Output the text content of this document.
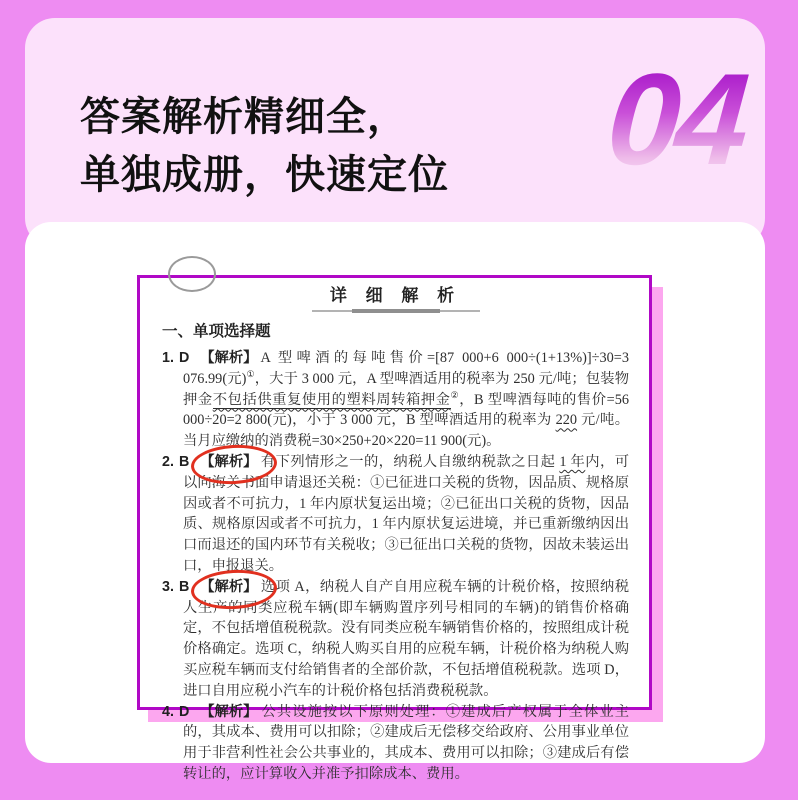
答案解析精细全，
单独成册，快速定位 04
详 细 解 析
一、单项选择题
1. D 【解析】 A 型啤酒的每吨售价=[87 000+6 000÷(1+13%)]÷30=3 076.99(元)①，大于 3 000 元，A 型啤酒适用的税率为 250 元/吨；包装物押金不包括供重复使用的塑料周转箱押金②，B 型啤酒每吨的售价=56 000÷20=2 800(元)，小于 3 000 元，B 型啤酒适用的税率为 220 元/吨。当月应缴纳的消费税=30×250+20×220=11 900(元)。
2. B 【解析】 有下列情形之一的，纳税人自缴纳税款之日起 1 年内，可以向海关书面申请退还关税：①已征进口关税的货物，因品质、规格原因或者不可抗力，1 年内原状复运出境；②已征出口关税的货物，因品质、规格原因或者不可抗力，1 年内原状复运进境，并已重新缴纳因出口而退还的国内环节有关税收；③已征出口关税的货物，因故未装运出口，申报退关。
3. B 【解析】 选项 A，纳税人自产自用应税车辆的计税价格，按照纳税人生产的同类应税车辆(即车辆购置序列号相同的车辆)的销售价格确定，不包括增值税税款。没有同类应税车辆销售价格的，按照组成计税价格确定。选项 C，纳税人购买自用的应税车辆，计税价格为纳税人购买应税车辆而支付给销售者的全部价款，不包括增值税税款。选项 D，进口自用应税小汽车的计税价格包括消费税税款。
4. D 【解析】 公共设施按以下原则处理：①建成后产权属于全体业主的，其成本、费用可以扣除；②建成后无偿移交给政府、公用事业单位用于非营利性社会公共事业的，其成本、费用可以扣除；③建成后有偿转让的，应计算收入并准予扣除成本、费用。
